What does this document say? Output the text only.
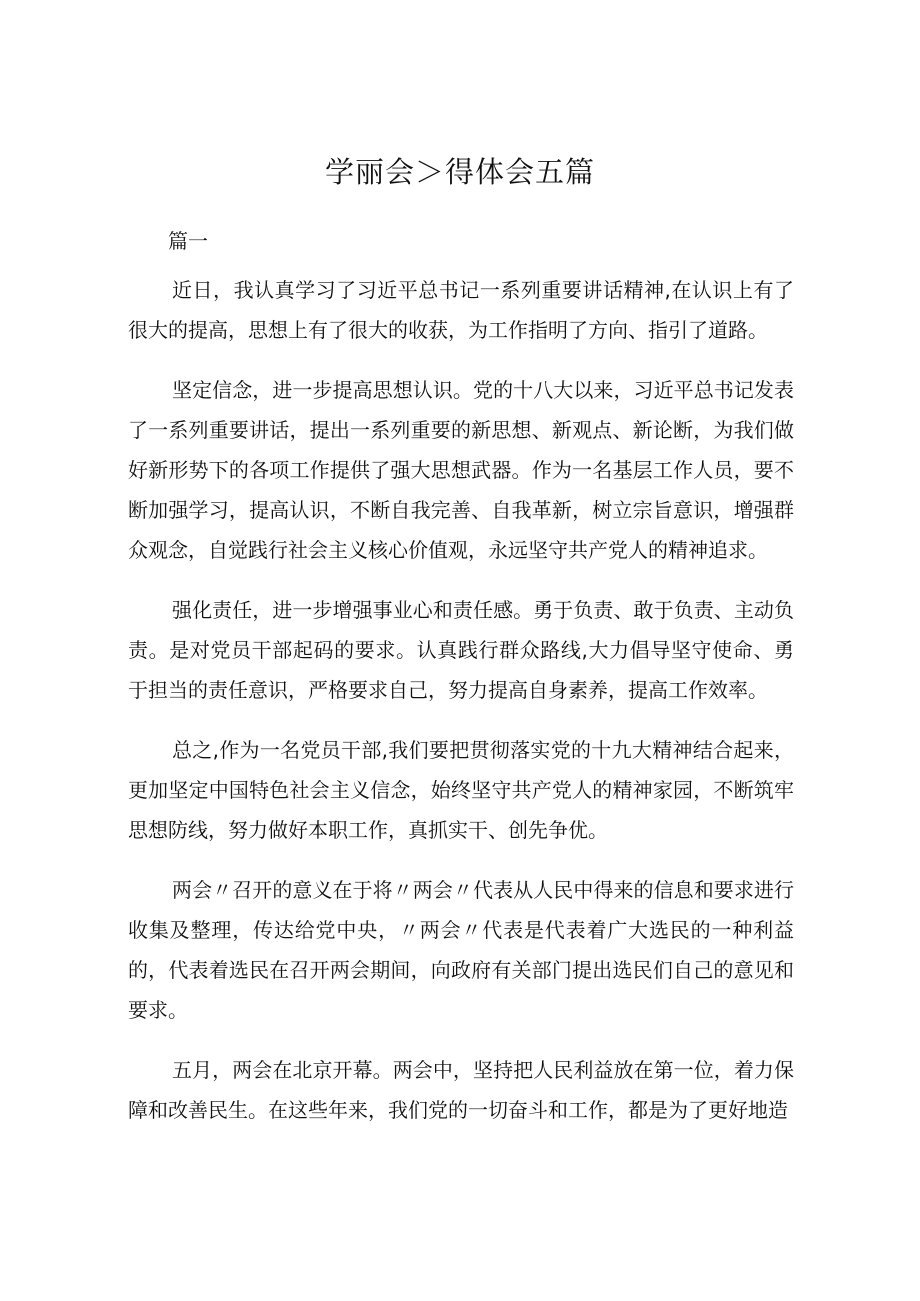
学丽会＞得体会五篇
篇一

近日，我认真学习了习近平总书记一系列重要讲话精神,在认识上有了很大的提高，思想上有了很大的收获，为工作指明了方向、指引了道路。

坚定信念，进一步提高思想认识。党的十八大以来，习近平总书记发表了一系列重要讲话，提出一系列重要的新思想、新观点、新论断，为我们做好新形势下的各项工作提供了强大思想武器。作为一名基层工作人员，要不断加强学习，提高认识，不断自我完善、自我革新，树立宗旨意识，增强群众观念，自觉践行社会主义核心价值观，永远坚守共产党人的精神追求。

强化责任，进一步增强事业心和责任感。勇于负责、敢于负责、主动负责。是对党员干部起码的要求。认真践行群众路线,大力倡导坚守使命、勇于担当的责任意识，严格要求自己，努力提高自身素养，提高工作效率。

总之,作为一名党员干部,我们要把贯彻落实党的十九大精神结合起来，更加坚定中国特色社会主义信念，始终坚守共产党人的精神家园，不断筑牢思想防线，努力做好本职工作，真抓实干、创先争优。

两会〃召开的意义在于将〃两会〃代表从人民中得来的信息和要求进行收集及整理，传达给党中央，〃两会〃代表是代表着广大选民的一种利益的，代表着选民在召开两会期间，向政府有关部门提出选民们自己的意见和要求。

五月，两会在北京开幕。两会中，坚持把人民利益放在第一位，着力保障和改善民生。在这些年来，我们党的一切奋斗和工作，都是为了更好地造
